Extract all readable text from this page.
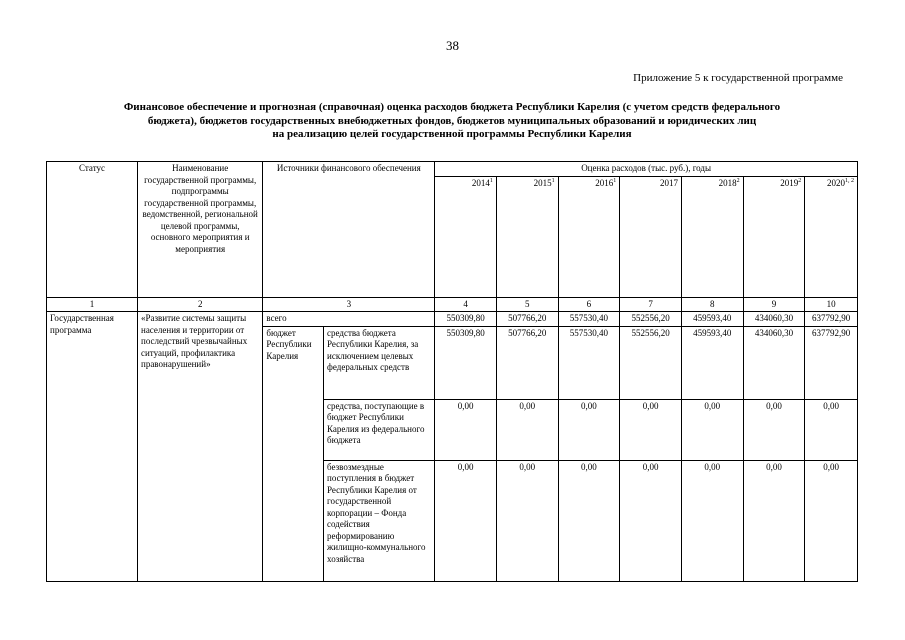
38
Приложение 5 к государственной программе
Финансовое обеспечение и прогнозная (справочная) оценка расходов бюджета Республики Карелия (с учетом средств федерального
бюджета), бюджетов государственных внебюджетных фондов, бюджетов муниципальных образований и юридических лиц
на реализацию целей государственной программы Республики Карелия
Статус	Наименование государственной программы, подпрограммы государственной программы, ведомственной, региональной целевой программы, основного мероприятия и мероприятия	Источники финансового обеспечения		Оценка расходов (тыс. руб.), годы						
				2014$^1$	2015$^1$	2016$^1$	2017	2018$^2$	2019$^2$	2020$^{1, 2}$
1	2	3		4	5	6	7	8	9	10
Государственная программа	«Развитие системы защиты населения и территории от последствий чрезвычайных ситуаций, профилактика правонарушений»	всего		550309,80	507766,20	557530,40	552556,20	459593,40	434060,30	637792,90
		бюджет Республики Карелия	средства бюджета Республики Карелия, за исключением целевых федеральных средств	550309,80	507766,20	557530,40	552556,20	459593,40	434060,30	637792,90
			средства, поступающие в бюджет Республики Карелия из федерального бюджета	0,00	0,00	0,00	0,00	0,00	0,00	0,00
			безвозмездные поступления в бюджет Республики Карелия от государственной корпорации – Фонда содействия реформированию жилищно-коммунального хозяйства	0,00	0,00	0,00	0,00	0,00	0,00	0,00
